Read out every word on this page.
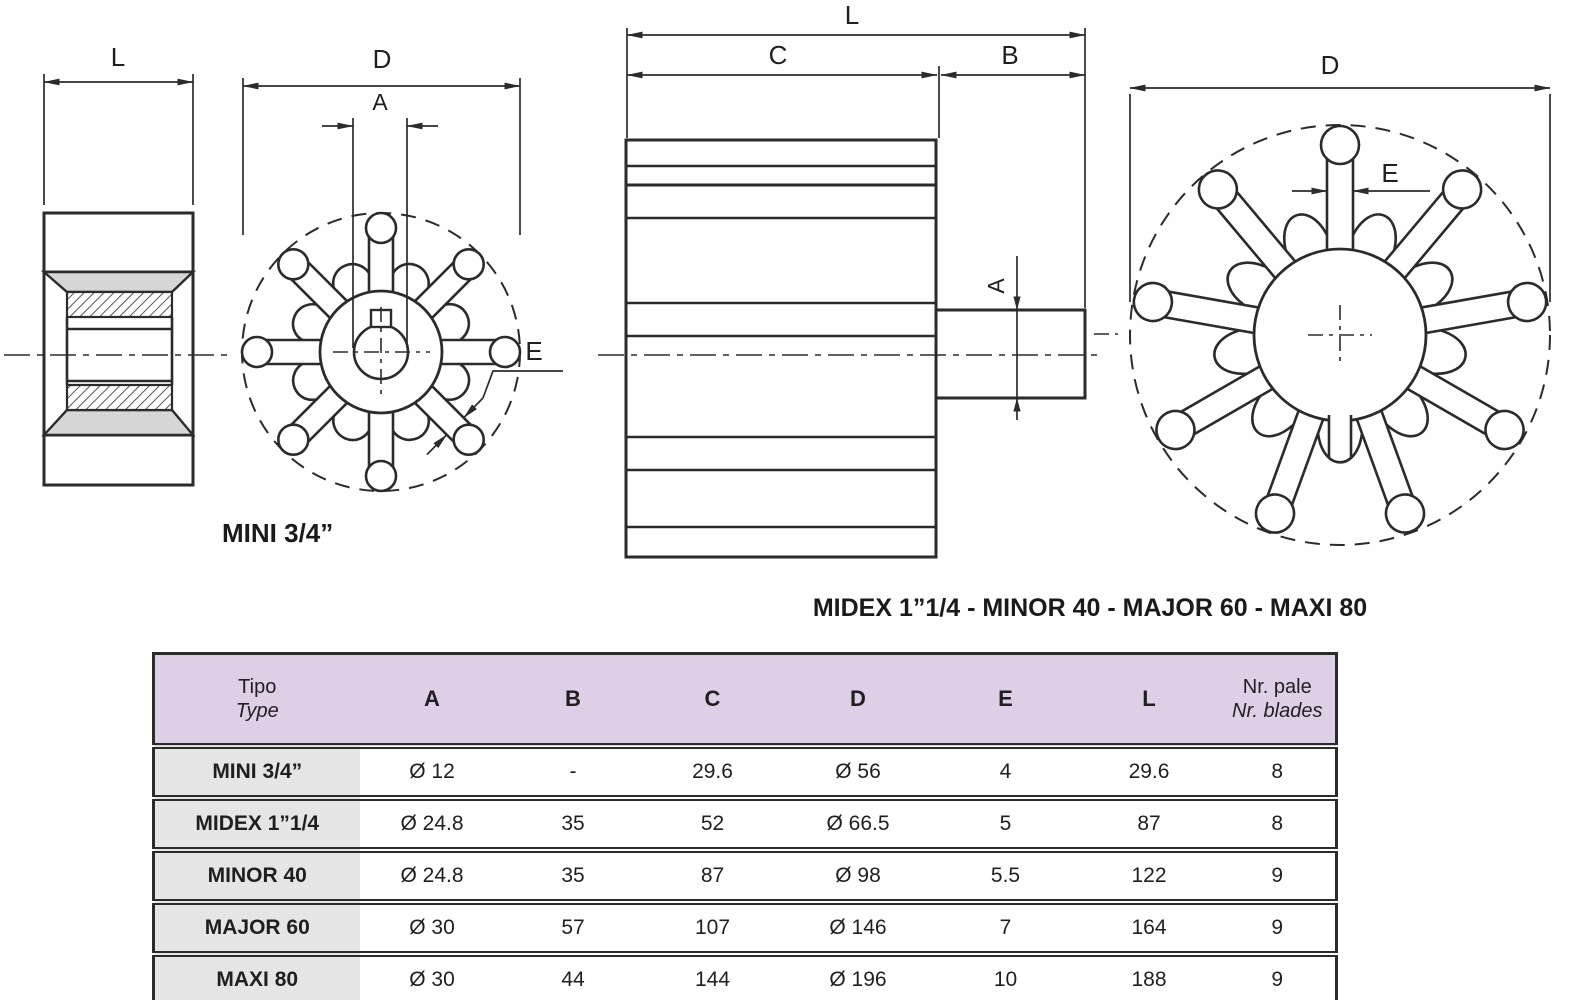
L	D
A
E
MINI 3/4”
L
C	B
A
D
E
MIDEX 1”1/4 - MINOR 40 - MAJOR 60 - MAXI 80
Tipo
Type	A	B	C	D	E	L	Nr. pale
Nr. blades
MINI 3/4”	Ø 12	-	29.6	Ø 56	4	29.6	8
MIDEX 1”1/4	Ø 24.8	35	52	Ø 66.5	5	87	8
MINOR 40	Ø 24.8	35	87	Ø 98	5.5	122	9
MAJOR 60	Ø 30	57	107	Ø 146	7	164	9
MAXI 80	Ø 30	44	144	Ø 196	10	188	9
